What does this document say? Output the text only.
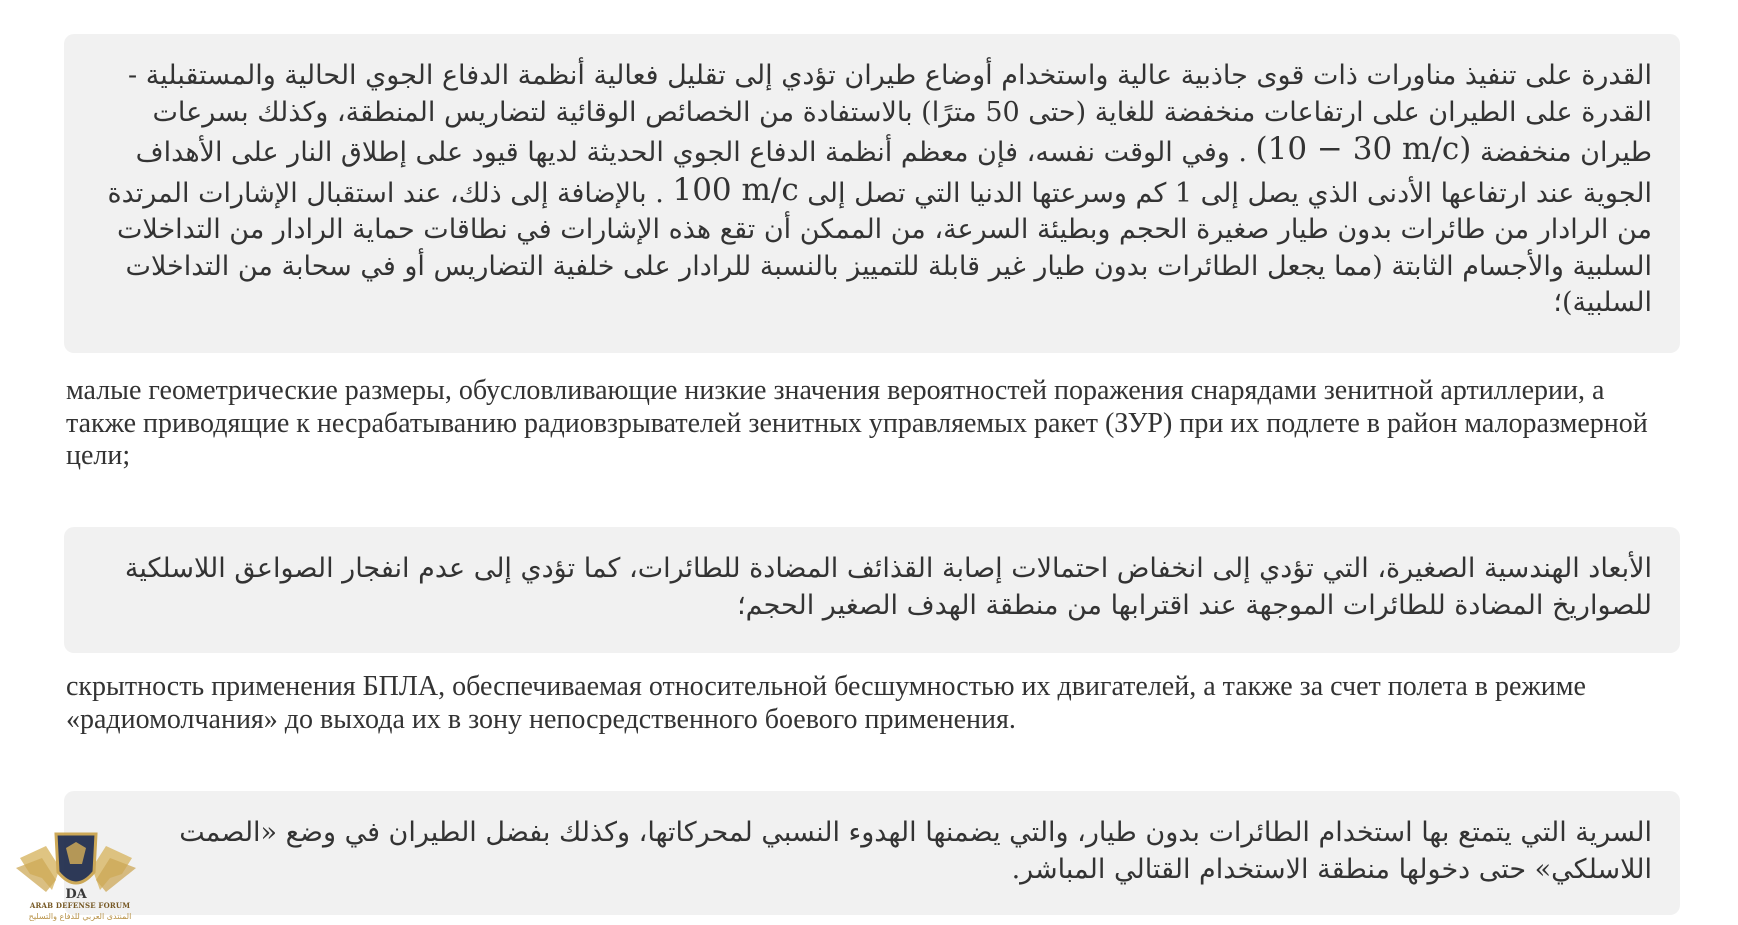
القدرة على تنفيذ مناورات ذات قوى جاذبية عالية واستخدام أوضاع طيران تؤدي إلى تقليل فعالية أنظمة الدفاع الجوي الحالية والمستقبلية - القدرة على الطيران على ارتفاعات منخفضة للغاية (حتى 50 مترًا) بالاستفادة من الخصائص الوقائية لتضاريس المنطقة، وكذلك بسرعات طيران منخفضة (10 − 30 m/c) . وفي الوقت نفسه، فإن معظم أنظمة الدفاع الجوي الحديثة لديها قيود على إطلاق النار على الأهداف الجوية عند ارتفاعها الأدنى الذي يصل إلى 1 كم وسرعتها الدنيا التي تصل إلى 100 m/c . بالإضافة إلى ذلك، عند استقبال الإشارات المرتدة من الرادار من طائرات بدون طيار صغيرة الحجم وبطيئة السرعة، من الممكن أن تقع هذه الإشارات في نطاقات حماية الرادار من التداخلات السلبية والأجسام الثابتة (مما يجعل الطائرات بدون طيار غير قابلة للتمييز بالنسبة للرادار على خلفية التضاريس أو في سحابة من التداخلات السلبية)؛

малые геометрические размеры, обусловливающие низкие значения вероятностей поражения снарядами зенитной артиллерии, а также приводящие к несрабатыванию радиовзрывателей зенитных управляемых ракет (ЗУР) при их подлете в район малоразмерной цели;

الأبعاد الهندسية الصغيرة، التي تؤدي إلى انخفاض احتمالات إصابة القذائف المضادة للطائرات، كما تؤدي إلى عدم انفجار الصواعق اللاسلكية للصواريخ المضادة للطائرات الموجهة عند اقترابها من منطقة الهدف الصغير الحجم؛

скрытность применения БПЛА, обеспечиваемая относительной бесшумностью их двигателей, а также за счет полета в режиме «радиомолчания» до выхода их в зону непосредственного боевого применения.

السرية التي يتمتع بها استخدام الطائرات بدون طيار، والتي يضمنها الهدوء النسبي لمحركاتها، وكذلك بفضل الطيران في وضع «الصمت اللاسلكي» حتى دخولها منطقة الاستخدام القتالي المباشر.
DA
ARAB DEFENSE FORUM
المنتدى العربي للدفاع والتسليح
